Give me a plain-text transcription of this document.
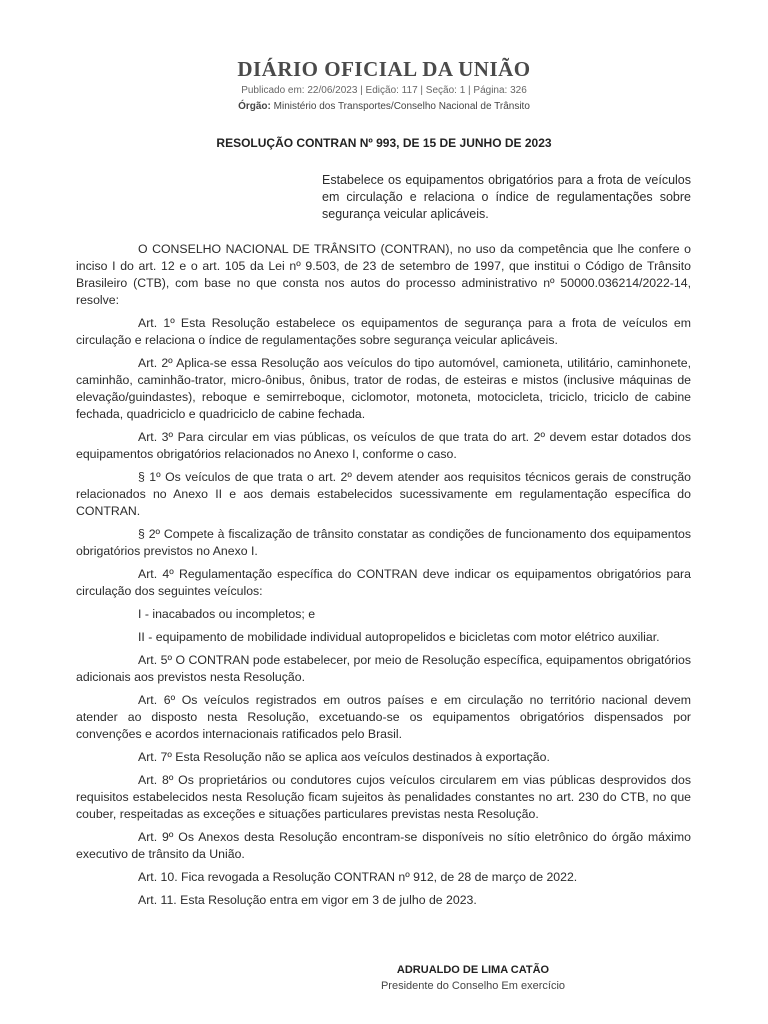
DIÁRIO OFICIAL DA UNIÃO
Publicado em: 22/06/2023 | Edição: 117 | Seção: 1 | Página: 326
Órgão: Ministério dos Transportes/Conselho Nacional de Trânsito
RESOLUÇÃO CONTRAN Nº 993, DE 15 DE JUNHO DE 2023
Estabelece os equipamentos obrigatórios para a frota de veículos em circulação e relaciona o índice de regulamentações sobre segurança veicular aplicáveis.

O CONSELHO NACIONAL DE TRÂNSITO (CONTRAN), no uso da competência que lhe confere o inciso I do art. 12 e o art. 105 da Lei nº 9.503, de 23 de setembro de 1997, que institui o Código de Trânsito Brasileiro (CTB), com base no que consta nos autos do processo administrativo nº 50000.036214/2022-14, resolve:

Art. 1º Esta Resolução estabelece os equipamentos de segurança para a frota de veículos em circulação e relaciona o índice de regulamentações sobre segurança veicular aplicáveis.

Art. 2º Aplica-se essa Resolução aos veículos do tipo automóvel, camioneta, utilitário, caminhonete, caminhão, caminhão-trator, micro-ônibus, ônibus, trator de rodas, de esteiras e mistos (inclusive máquinas de elevação/guindastes), reboque e semirreboque, ciclomotor, motoneta, motocicleta, triciclo, triciclo de cabine fechada, quadriciclo e quadriciclo de cabine fechada.

Art. 3º Para circular em vias públicas, os veículos de que trata do art. 2º devem estar dotados dos equipamentos obrigatórios relacionados no Anexo I, conforme o caso.

§ 1º Os veículos de que trata o art. 2º devem atender aos requisitos técnicos gerais de construção relacionados no Anexo II e aos demais estabelecidos sucessivamente em regulamentação específica do CONTRAN.

§ 2º Compete à fiscalização de trânsito constatar as condições de funcionamento dos equipamentos obrigatórios previstos no Anexo I.

Art. 4º Regulamentação específica do CONTRAN deve indicar os equipamentos obrigatórios para circulação dos seguintes veículos:

I - inacabados ou incompletos; e

II - equipamento de mobilidade individual autopropelidos e bicicletas com motor elétrico auxiliar.

Art. 5º O CONTRAN pode estabelecer, por meio de Resolução específica, equipamentos obrigatórios adicionais aos previstos nesta Resolução.

Art. 6º Os veículos registrados em outros países e em circulação no território nacional devem atender ao disposto nesta Resolução, excetuando-se os equipamentos obrigatórios dispensados por convenções e acordos internacionais ratificados pelo Brasil.

Art. 7º Esta Resolução não se aplica aos veículos destinados à exportação.

Art. 8º Os proprietários ou condutores cujos veículos circularem em vias públicas desprovidos dos requisitos estabelecidos nesta Resolução ficam sujeitos às penalidades constantes no art. 230 do CTB, no que couber, respeitadas as exceções e situações particulares previstas nesta Resolução.

Art. 9º Os Anexos desta Resolução encontram-se disponíveis no sítio eletrônico do órgão máximo executivo de trânsito da União.

Art. 10. Fica revogada a Resolução CONTRAN nº 912, de 28 de março de 2022.

Art. 11. Esta Resolução entra em vigor em 3 de julho de 2023.

ADRUALDO DE LIMA CATÃO
Presidente do Conselho Em exercício
